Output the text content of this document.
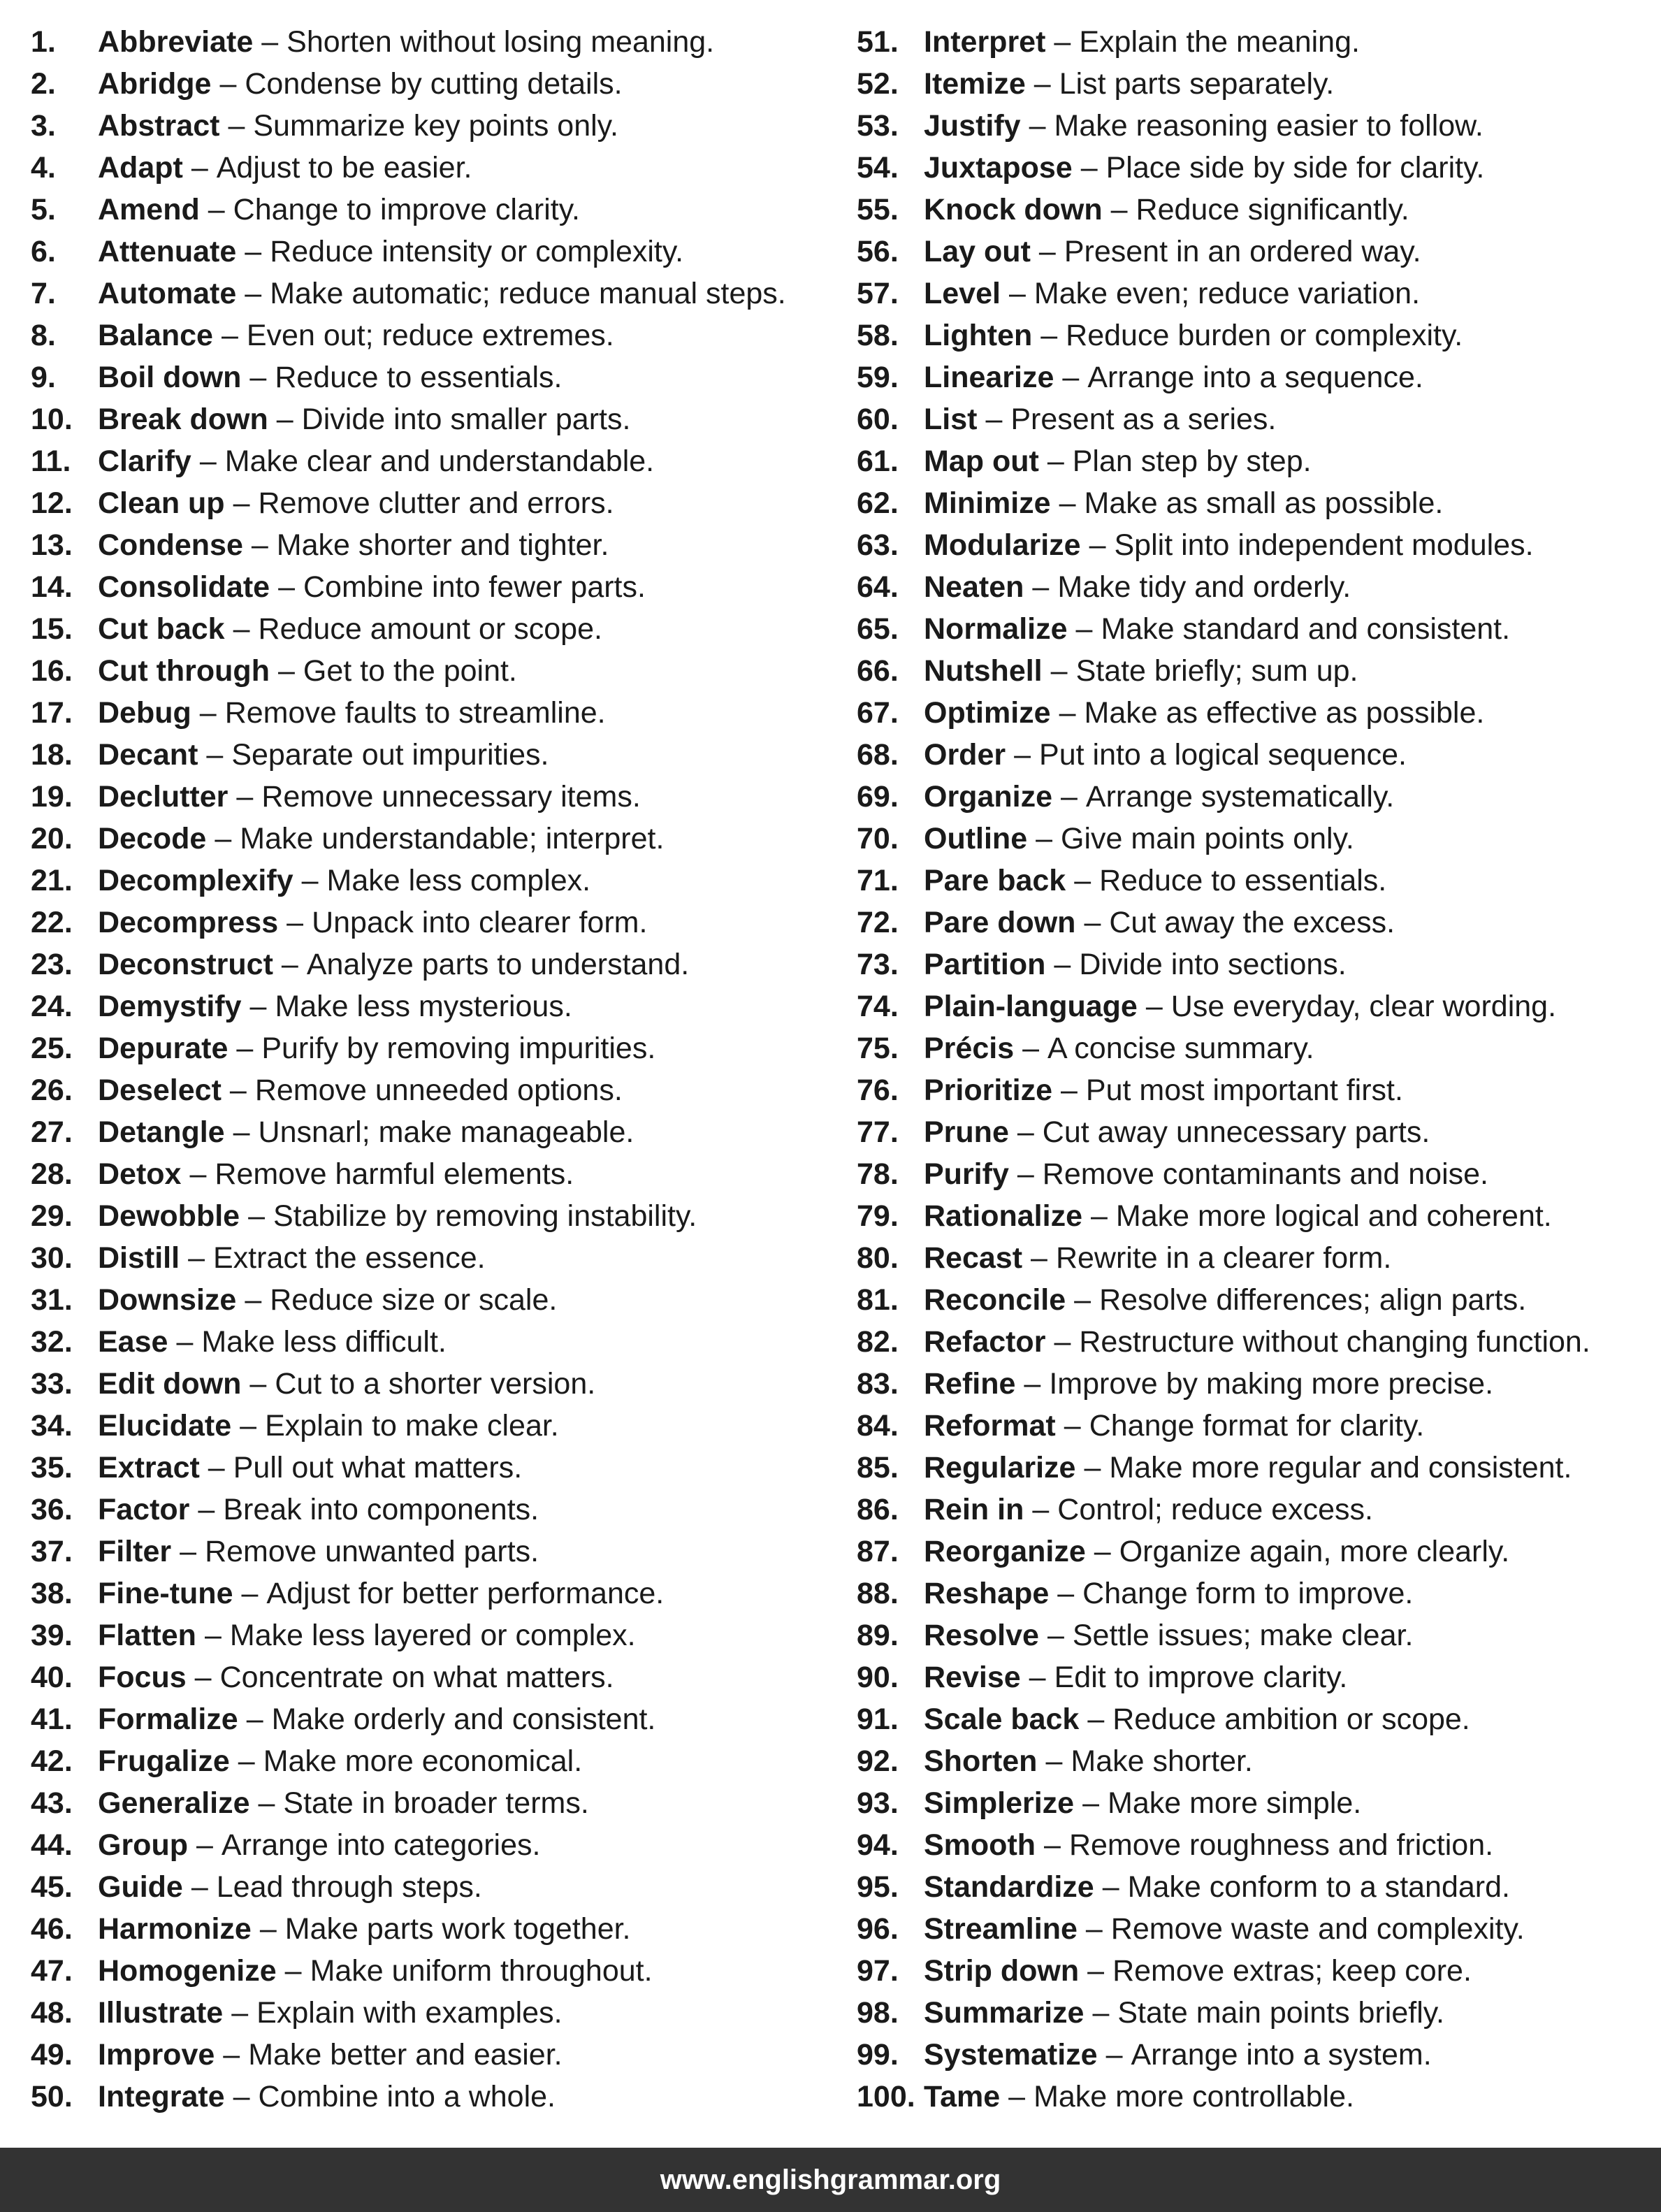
1. Abbreviate – Shorten without losing meaning.
2. Abridge – Condense by cutting details.
3. Abstract – Summarize key points only.
4. Adapt – Adjust to be easier.
5. Amend – Change to improve clarity.
6. Attenuate – Reduce intensity or complexity.
7. Automate – Make automatic; reduce manual steps.
8. Balance – Even out; reduce extremes.
9. Boil down – Reduce to essentials.
10. Break down – Divide into smaller parts.
11. Clarify – Make clear and understandable.
12. Clean up – Remove clutter and errors.
13. Condense – Make shorter and tighter.
14. Consolidate – Combine into fewer parts.
15. Cut back – Reduce amount or scope.
16. Cut through – Get to the point.
17. Debug – Remove faults to streamline.
18. Decant – Separate out impurities.
19. Declutter – Remove unnecessary items.
20. Decode – Make understandable; interpret.
21. Decomplexify – Make less complex.
22. Decompress – Unpack into clearer form.
23. Deconstruct – Analyze parts to understand.
24. Demystify – Make less mysterious.
25. Depurate – Purify by removing impurities.
26. Deselect – Remove unneeded options.
27. Detangle – Unsnarl; make manageable.
28. Detox – Remove harmful elements.
29. Dewobble – Stabilize by removing instability.
30. Distill – Extract the essence.
31. Downsize – Reduce size or scale.
32. Ease – Make less difficult.
33. Edit down – Cut to a shorter version.
34. Elucidate – Explain to make clear.
35. Extract – Pull out what matters.
36. Factor – Break into components.
37. Filter – Remove unwanted parts.
38. Fine-tune – Adjust for better performance.
39. Flatten – Make less layered or complex.
40. Focus – Concentrate on what matters.
41. Formalize – Make orderly and consistent.
42. Frugalize – Make more economical.
43. Generalize – State in broader terms.
44. Group – Arrange into categories.
45. Guide – Lead through steps.
46. Harmonize – Make parts work together.
47. Homogenize – Make uniform throughout.
48. Illustrate – Explain with examples.
49. Improve – Make better and easier.
50. Integrate – Combine into a whole.
51. Interpret – Explain the meaning.
52. Itemize – List parts separately.
53. Justify – Make reasoning easier to follow.
54. Juxtapose – Place side by side for clarity.
55. Knock down – Reduce significantly.
56. Lay out – Present in an ordered way.
57. Level – Make even; reduce variation.
58. Lighten – Reduce burden or complexity.
59. Linearize – Arrange into a sequence.
60. List – Present as a series.
61. Map out – Plan step by step.
62. Minimize – Make as small as possible.
63. Modularize – Split into independent modules.
64. Neaten – Make tidy and orderly.
65. Normalize – Make standard and consistent.
66. Nutshell – State briefly; sum up.
67. Optimize – Make as effective as possible.
68. Order – Put into a logical sequence.
69. Organize – Arrange systematically.
70. Outline – Give main points only.
71. Pare back – Reduce to essentials.
72. Pare down – Cut away the excess.
73. Partition – Divide into sections.
74. Plain-language – Use everyday, clear wording.
75. Précis – A concise summary.
76. Prioritize – Put most important first.
77. Prune – Cut away unnecessary parts.
78. Purify – Remove contaminants and noise.
79. Rationalize – Make more logical and coherent.
80. Recast – Rewrite in a clearer form.
81. Reconcile – Resolve differences; align parts.
82. Refactor – Restructure without changing function.
83. Refine – Improve by making more precise.
84. Reformat – Change format for clarity.
85. Regularize – Make more regular and consistent.
86. Rein in – Control; reduce excess.
87. Reorganize – Organize again, more clearly.
88. Reshape – Change form to improve.
89. Resolve – Settle issues; make clear.
90. Revise – Edit to improve clarity.
91. Scale back – Reduce ambition or scope.
92. Shorten – Make shorter.
93. Simplerize – Make more simple.
94. Smooth – Remove roughness and friction.
95. Standardize – Make conform to a standard.
96. Streamline – Remove waste and complexity.
97. Strip down – Remove extras; keep core.
98. Summarize – State main points briefly.
99. Systematize – Arrange into a system.
100. Tame – Make more controllable.
www.englishgrammar.org
